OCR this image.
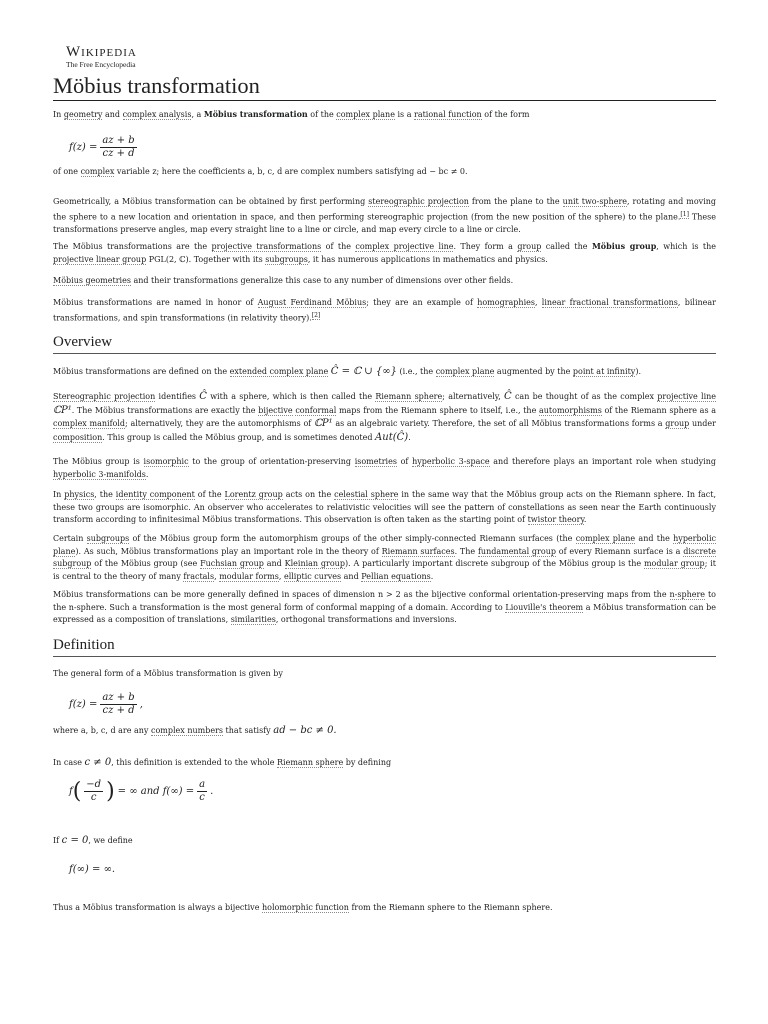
Wikipedia
The Free Encyclopedia
Möbius transformation

In geometry and complex analysis, a Möbius transformation of the complex plane is a rational function of the form

$f(z) = \frac{az + b}{cz + d}$

of one complex variable z; here the coefficients a, b, c, d are complex numbers satisfying ad − bc ≠ 0.

Geometrically, a Möbius transformation can be obtained by first performing stereographic projection from the plane to the unit two-sphere, rotating and moving the sphere to a new location and orientation in space, and then performing stereographic projection (from the new position of the sphere) to the plane.[1] These transformations preserve angles, map every straight line to a line or circle, and map every circle to a line or circle.

The Möbius transformations are the projective transformations of the complex projective line. They form a group called the Möbius group, which is the projective linear group PGL(2, ℂ). Together with its subgroups, it has numerous applications in mathematics and physics.

Möbius geometries and their transformations generalize this case to any number of dimensions over other fields.

Möbius transformations are named in honor of August Ferdinand Möbius; they are an example of homographies, linear fractional transformations, bilinear transformations, and spin transformations (in relativity theory).[2]

Overview

Möbius transformations are defined on the extended complex plane Ĉ = ℂ ∪ {∞} (i.e., the complex plane augmented by the point at infinity).

Stereographic projection identifies Ĉ with a sphere, which is then called the Riemann sphere; alternatively, Ĉ can be thought of as the complex projective line ℂP¹. The Möbius transformations are exactly the bijective conformal maps from the Riemann sphere to itself, i.e., the automorphisms of the Riemann sphere as a complex manifold; alternatively, they are the automorphisms of ℂP¹ as an algebraic variety. Therefore, the set of all Möbius transformations forms a group under composition. This group is called the Möbius group, and is sometimes denoted Aut(Ĉ).

The Möbius group is isomorphic to the group of orientation-preserving isometries of hyperbolic 3-space and therefore plays an important role when studying hyperbolic 3-manifolds.

In physics, the identity component of the Lorentz group acts on the celestial sphere in the same way that the Möbius group acts on the Riemann sphere. In fact, these two groups are isomorphic. An observer who accelerates to relativistic velocities will see the pattern of constellations as seen near the Earth continuously transform according to infinitesimal Möbius transformations. This observation is often taken as the starting point of twistor theory.

Certain subgroups of the Möbius group form the automorphism groups of the other simply-connected Riemann surfaces (the complex plane and the hyperbolic plane). As such, Möbius transformations play an important role in the theory of Riemann surfaces. The fundamental group of every Riemann surface is a discrete subgroup of the Möbius group (see Fuchsian group and Kleinian group). A particularly important discrete subgroup of the Möbius group is the modular group; it is central to the theory of many fractals, modular forms, elliptic curves and Pellian equations.

Möbius transformations can be more generally defined in spaces of dimension n > 2 as the bijective conformal orientation-preserving maps from the n-sphere to the n-sphere. Such a transformation is the most general form of conformal mapping of a domain. According to Liouville's theorem a Möbius transformation can be expressed as a composition of translations, similarities, orthogonal transformations and inversions.

Definition

The general form of a Möbius transformation is given by

$f(z) = \frac{az + b}{cz + d}$ ,

where a, b, c, d are any complex numbers that satisfy ad − bc ≠ 0.

In case c ≠ 0, this definition is extended to the whole Riemann sphere by defining

f ( $\frac{-d}{c}$ ) = ∞ and $f(\infty) = \frac{a}{c}$ .

If c = 0, we define

f(∞) = ∞.

Thus a Möbius transformation is always a bijective holomorphic function from the Riemann sphere to the Riemann sphere.
